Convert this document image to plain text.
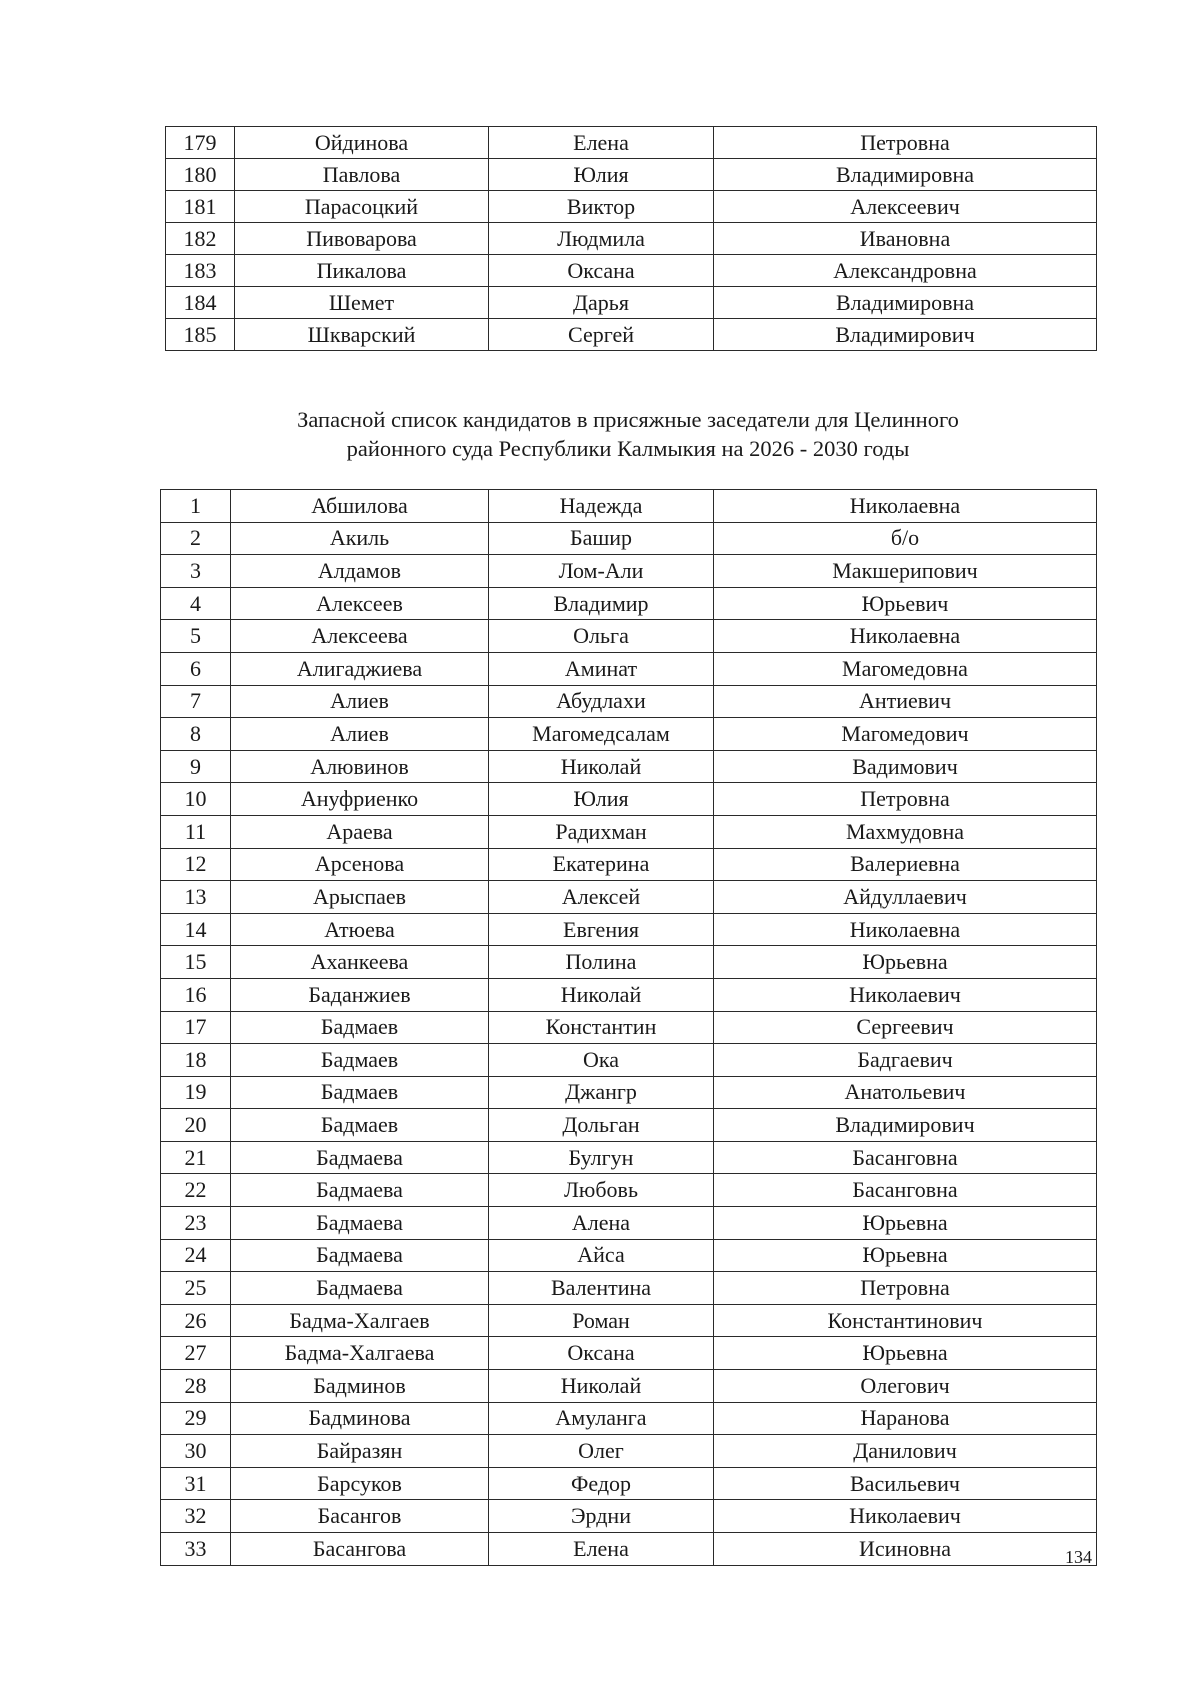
179	Ойдинова	Елена	Петровна
180	Павлова	Юлия	Владимировна
181	Парасоцкий	Виктор	Алексеевич
182	Пивоварова	Людмила	Ивановна
183	Пикалова	Оксана	Александровна
184	Шемет	Дарья	Владимировна
185	Шкварский	Сергей	Владимирович
Запасной список кандидатов в присяжные заседатели для Целинного
районного суда Республики Калмыкия на 2026 - 2030 годы
1	Абшилова	Надежда	Николаевна
2	Акиль	Башир	б/о
3	Алдамов	Лом-Али	Макшерипович
4	Алексеев	Владимир	Юрьевич
5	Алексеева	Ольга	Николаевна
6	Алигаджиева	Аминат	Магомедовна
7	Алиев	Абудлахи	Антиевич
8	Алиев	Магомедсалам	Магомедович
9	Алювинов	Николай	Вадимович
10	Ануфриенко	Юлия	Петровна
11	Араева	Радихман	Махмудовна
12	Арсенова	Екатерина	Валериевна
13	Арыспаев	Алексей	Айдуллаевич
14	Атюева	Евгения	Николаевна
15	Аханкеева	Полина	Юрьевна
16	Баданжиев	Николай	Николаевич
17	Бадмаев	Константин	Сергеевич
18	Бадмаев	Ока	Бадгаевич
19	Бадмаев	Джангр	Анатольевич
20	Бадмаев	Дольган	Владимирович
21	Бадмаева	Булгун	Басанговна
22	Бадмаева	Любовь	Басанговна
23	Бадмаева	Алена	Юрьевна
24	Бадмаева	Айса	Юрьевна
25	Бадмаева	Валентина	Петровна
26	Бадма-Халгаев	Роман	Константинович
27	Бадма-Халгаева	Оксана	Юрьевна
28	Бадминов	Николай	Олегович
29	Бадминова	Амуланга	Наранова
30	Байразян	Олег	Данилович
31	Барсуков	Федор	Васильевич
32	Басангов	Эрдни	Николаевич
33	Басангова	Елена	Исиновна	134
